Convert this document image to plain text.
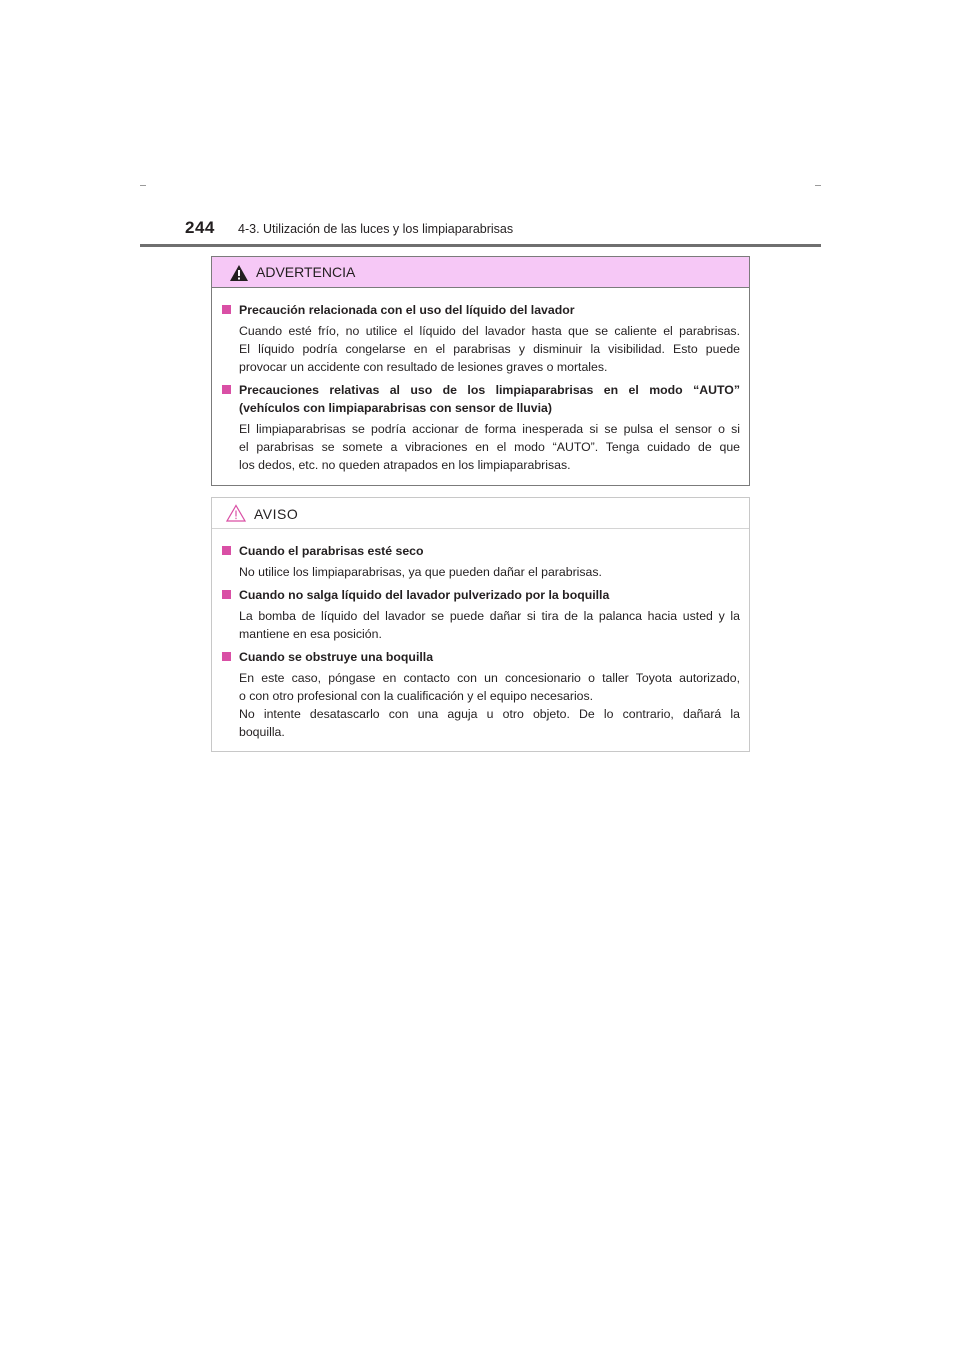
244 4-3. Utilización de las luces y los limpiaparabrisas
ADVERTENCIA
Precaución relacionada con el uso del líquido del lavador

Cuando esté frío, no utilice el líquido del lavador hasta que se caliente el parabrisas.

El líquido podría congelarse en el parabrisas y disminuir la visibilidad. Esto puede

provocar un accidente con resultado de lesiones graves o mortales.

Precauciones relativas al uso de los limpiaparabrisas en el modo “AUTO”

(vehículos con limpiaparabrisas con sensor de lluvia)

El limpiaparabrisas se podría accionar de forma inesperada si se pulsa el sensor o si

el parabrisas se somete a vibraciones en el modo “AUTO”. Tenga cuidado de que

los dedos, etc. no queden atrapados en los limpiaparabrisas.

AVISO
Cuando el parabrisas esté seco

No utilice los limpiaparabrisas, ya que pueden dañar el parabrisas.

Cuando no salga líquido del lavador pulverizado por la boquilla

La bomba de líquido del lavador se puede dañar si tira de la palanca hacia usted y la

mantiene en esa posición.

Cuando se obstruye una boquilla

En este caso, póngase en contacto con un concesionario o taller Toyota autorizado,

o con otro profesional con la cualificación y el equipo necesarios.

No intente desatascarlo con una aguja u otro objeto. De lo contrario, dañará la

boquilla.
